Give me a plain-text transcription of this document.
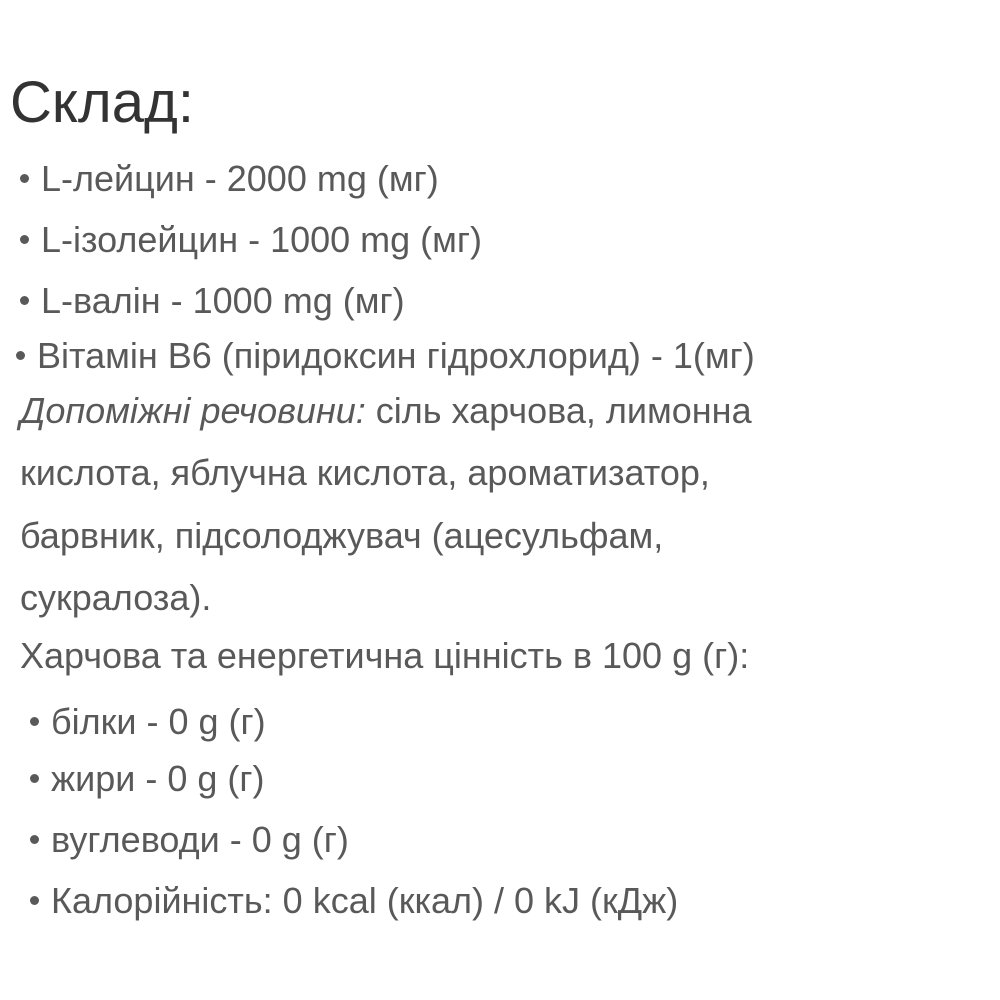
Склад:
L-лейцин - 2000 mg (мг)
L-ізолейцин - 1000 mg (мг)
L-валін - 1000 mg (мг)
Вітамін В6 (піридоксин гідрохлорид) - 1(мг)
Допоміжні речовини: сіль харчова, лимонна
кислота, яблучна кислота, ароматизатор,
барвник, підсолоджувач (ацесульфам,
сукралоза).
Харчова та енергетична цінність в 100 g (г):
білки - 0 g (г)
жири - 0 g (г)
вуглеводи - 0 g (г)
Калорійність: 0 kcal (ккал) / 0 kJ (кДж)
